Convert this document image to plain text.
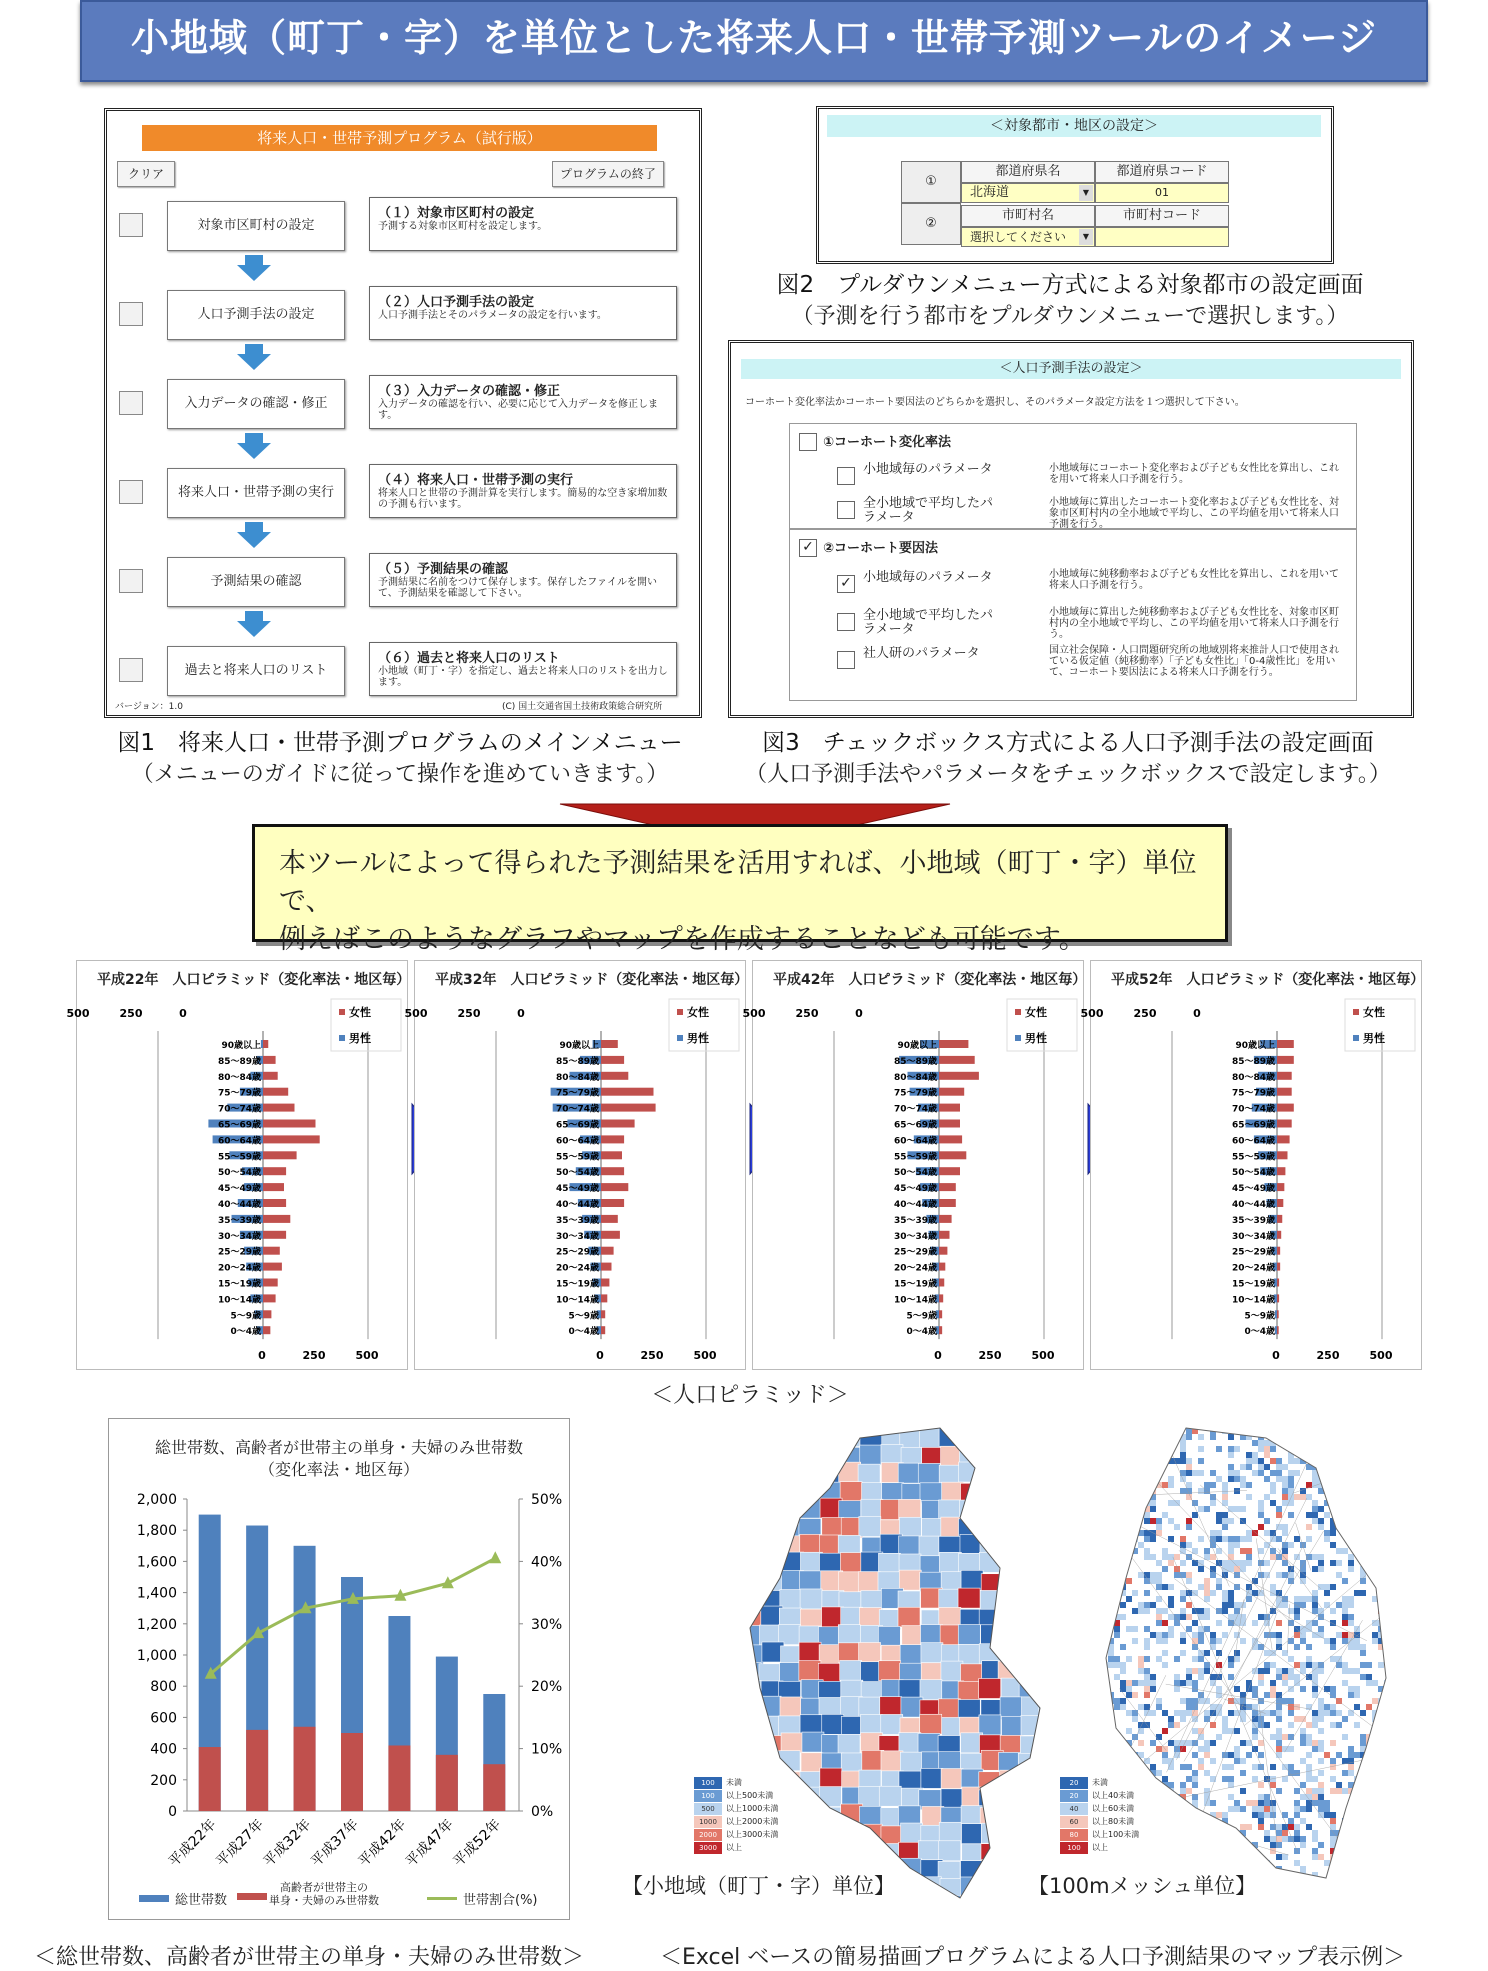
小地域（町丁・字）を単位とした将来人口・世帯予測ツールのイメージ
将来人口・世帯予測プログラム（試行版）
クリア	プログラムの終了
対象市区町村の設定
（１）対象市区町村の設定
予測する対象市区町村を設定します。
人口予測手法の設定
（２）人口予測手法の設定
人口予測手法とそのパラメータの設定を行います。
入力データの確認・修正
（３）入力データの確認・修正
入力データの確認を行い、必要に応じて入力データを修正します。
将来人口・世帯予測の実行
（４）将来人口・世帯予測の実行
将来人口と世帯の予測計算を実行します。簡易的な空き家増加数の予測も行います。
予測結果の確認
（５）予測結果の確認
予測結果に名前をつけて保存します。保存したファイルを開いて、予測結果を確認して下さい。
過去と将来人口のリスト
（６）過去と将来人口のリスト
小地域（町丁・字）を指定し、過去と将来人口のリストを出力します。
バージョン：1.0	(C) 国土交通省国土技術政策総合研究所
図1　将来人口・世帯予測プログラムのメインメニュー
（メニューのガイドに従って操作を進めていきます。）
＜対象都市・地区の設定＞
①
②
都道府県名	都道府県コード
北海道	▼	01
市町村名	市町村コード
選択してください	▼
図2　プルダウンメニュー方式による対象都市の設定画面
（予測を行う都市をプルダウンメニューで選択します。）
＜人口予測手法の設定＞
コーホート変化率法かコーホート要因法のどちらかを選択し、そのパラメータ設定方法を１つ選択して下さい。
①コーホート変化率法
小地域毎のパラメータ	小地域毎にコーホート変化率および子ども女性比を算出し、これを用いて将来人口予測を行う。
全小地域で平均したパラメータ
小地域毎に算出したコーホート変化率および子ども女性比を、対象市区町村内の全小地域で平均し、この平均値を用いて将来人口予測を行う。
✓ ②コーホート要因法
✓ 小地域毎のパラメータ	小地域毎に純移動率および子ども女性比を算出し、これを用いて将来人口予測を行う。
全小地域で平均したパラメータ
小地域毎に算出した純移動率および子ども女性比を、対象市区町村内の全小地域で平均し、この平均値を用いて将来人口予測を行う。
社人研のパラメータ	国立社会保障・人口問題研究所の地域別将来推計人口で使用されている仮定値（純移動率）「子ども女性比」「0-4歳性比」を用いて、コーホート要因法による将来人口予測を行う。
図3　チェックボックス方式による人口予測手法の設定画面
（人口予測手法やパラメータをチェックボックスで設定します。）
本ツールによって得られた予測結果を活用すれば、小地域（町丁・字）単位で、
例えばこのようなグラフやマップを作成することなども可能です。
平成22年　人口ピラミッド（変化率法・地区毎）
500	250	0
0	250	500
90歳以上
85～89歳
80～84歳
75～79歳
70～74歳
65～69歳
60～64歳
55～59歳
50～54歳
45～49歳
40～44歳
35～39歳
30～34歳
25～29歳
20～24歳
15～19歳
10～14歳
5～9歳
0～4歳
女性
男性
平成32年　人口ピラミッド（変化率法・地区毎）
500	250	0
0	250	500
90歳以上
85～89歳
80～84歳
75～79歳
70～74歳
65～69歳
60～64歳
55～59歳
50～54歳
45～49歳
40～44歳
35～39歳
30～34歳
25～29歳
20～24歳
15～19歳
10～14歳
5～9歳
0～4歳
女性
男性
平成42年　人口ピラミッド（変化率法・地区毎）
500	250	0
0	250	500
90歳以上
85～89歳
80～84歳
75～79歳
70～74歳
65～69歳
60～64歳
55～59歳
50～54歳
45～49歳
40～44歳
35～39歳
30～34歳
25～29歳
20～24歳
15～19歳
10～14歳
5～9歳
0～4歳
女性
男性
平成52年　人口ピラミッド（変化率法・地区毎）
500	250	0
0	250	500
90歳以上
85～89歳
80～84歳
75～79歳
70～74歳
65～69歳
60～64歳
55～59歳
50～54歳
45～49歳
40～44歳
35～39歳
30～34歳
25～29歳
20～24歳
15～19歳
10～14歳
5～9歳
0～4歳
女性
男性
＜人口ピラミッド＞
総世帯数、高齢者が世帯主の単身・夫婦のみ世帯数
（変化率法・地区毎）
0
200
400
600
800
1,000
1,200
1,400
1,600
1,800
2,000
0%
10%
20%
30%
40%
50%
平成22年
平成27年
平成32年
平成37年
平成42年
平成47年
平成52年
総世帯数
高齢者が世帯主の
単身・夫婦のみ世帯数	世帯割合(%)
＜総世帯数、高齢者が世帯主の単身・夫婦のみ世帯数＞
100	未満
100	以上500未満
500	以上1000未満
1000	以上2000未満
2000	以上3000未満
3000	以上
20	未満
20	以上40未満
40	以上60未満
60	以上80未満
80	以上100未満
100	以上
【小地域（町丁・字）単位】	【100mメッシュ単位】
＜Excel ベースの簡易描画プログラムによる人口予測結果のマップ表示例＞
